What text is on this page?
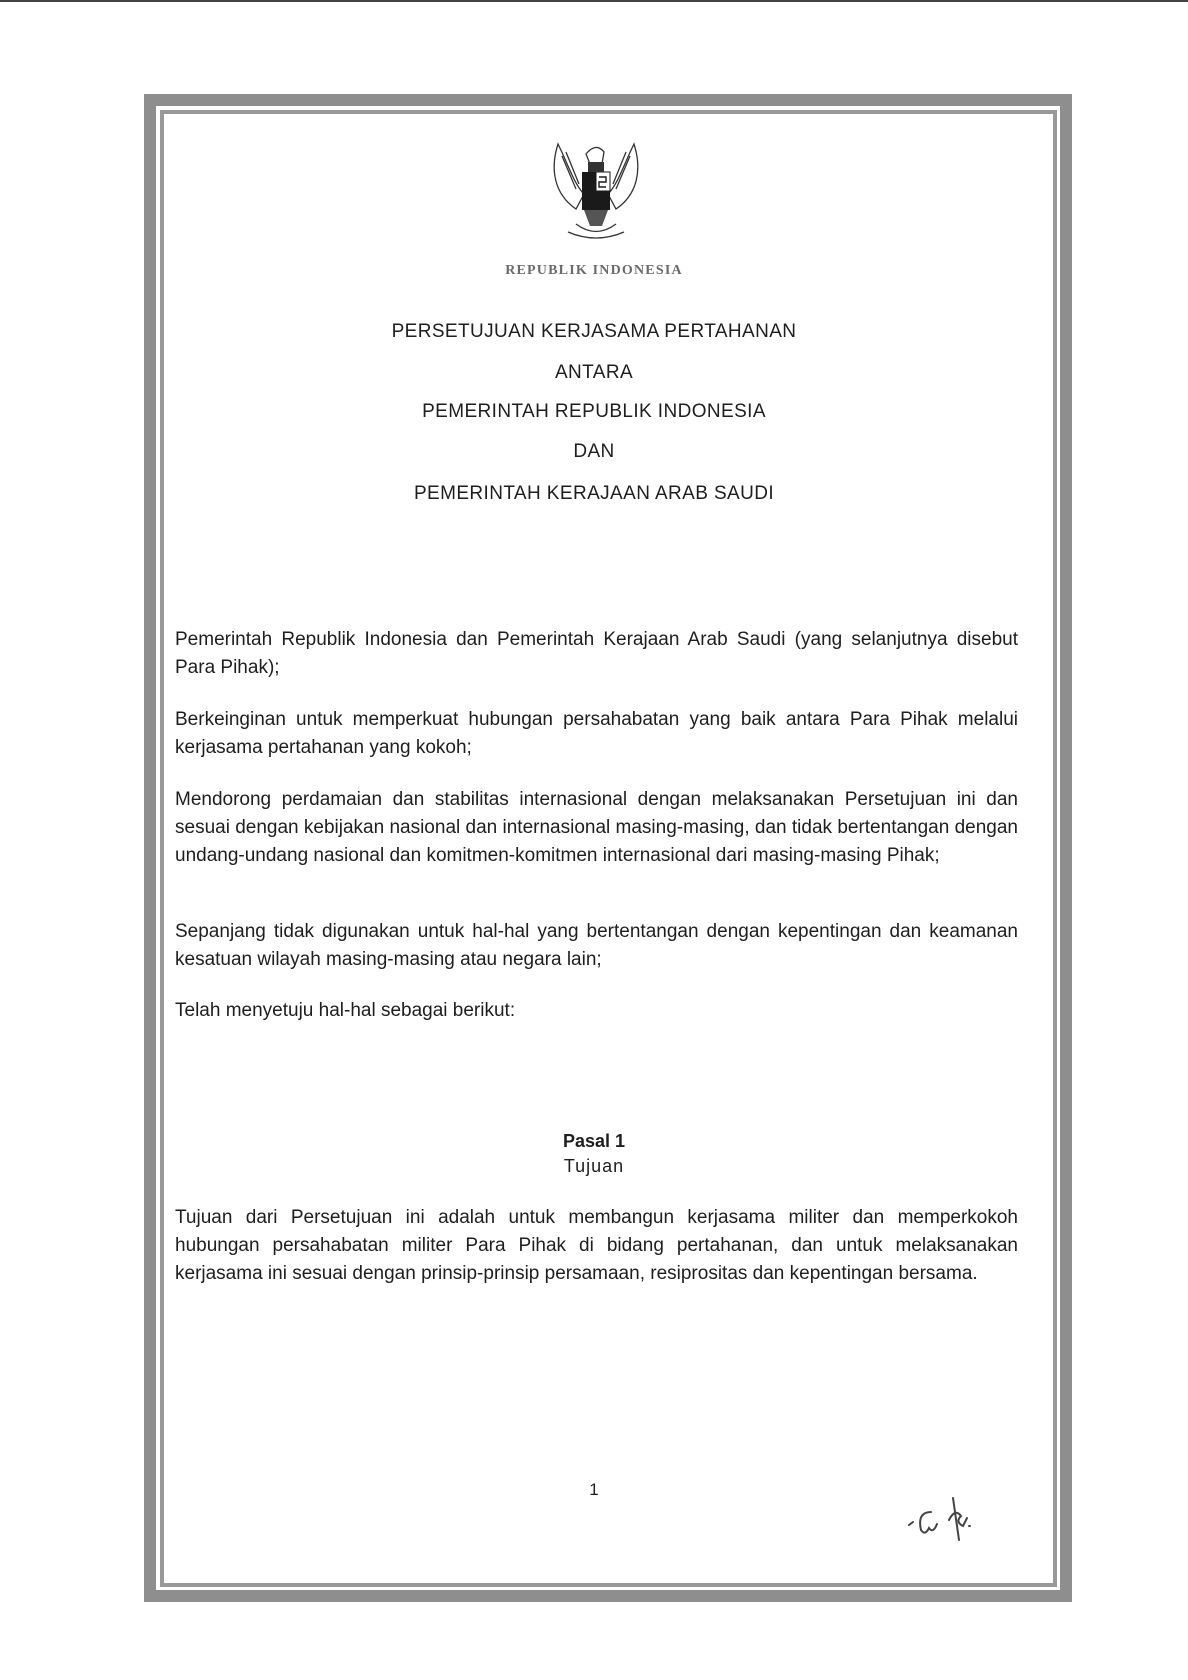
REPUBLIK INDONESIA
PERSETUJUAN KERJASAMA PERTAHANAN
ANTARA
PEMERINTAH REPUBLIK INDONESIA
DAN
PEMERINTAH KERAJAAN ARAB SAUDI

Pemerintah Republik Indonesia dan Pemerintah Kerajaan Arab Saudi (yang selanjutnya disebut Para Pihak);

Berkeinginan untuk memperkuat hubungan persahabatan yang baik antara Para Pihak melalui kerjasama pertahanan yang kokoh;

Mendorong perdamaian dan stabilitas internasional dengan melaksanakan Persetujuan ini dan sesuai dengan kebijakan nasional dan internasional masing-masing, dan tidak bertentangan dengan undang-undang nasional dan komitmen-komitmen internasional dari masing-masing Pihak;

Sepanjang tidak digunakan untuk hal-hal yang bertentangan dengan kepentingan dan keamanan kesatuan wilayah masing-masing atau negara lain;

Telah menyetuju hal-hal sebagai berikut:

Pasal 1
Tujuan

Tujuan dari Persetujuan ini adalah untuk membangun kerjasama militer dan memperkokoh hubungan persahabatan militer Para Pihak di bidang pertahanan, dan untuk melaksanakan kerjasama ini sesuai dengan prinsip-prinsip persamaan, resiprositas dan kepentingan bersama.

1
